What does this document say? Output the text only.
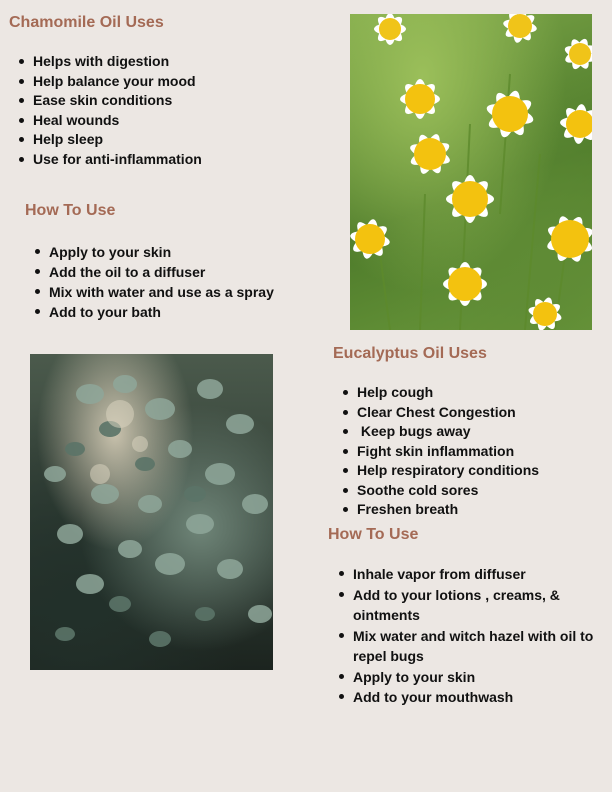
Chamomile Oil Uses
Helps with digestion
Help balance your mood
Ease skin conditions
Heal wounds
Help sleep
Use for anti-inflammation
How To Use
Apply to your skin
Add the oil to a diffuser
Mix with water and use as a spray
Add to your bath
Eucalyptus Oil Uses
Help cough
Clear Chest Congestion
Keep bugs away
Fight skin inflammation
Help respiratory conditions
Soothe cold sores
Freshen breath
How To Use
Inhale vapor from diffuser
Add to your lotions , creams, & ointments
Mix water and witch hazel with oil to repel bugs
Apply to your skin
Add to your mouthwash
